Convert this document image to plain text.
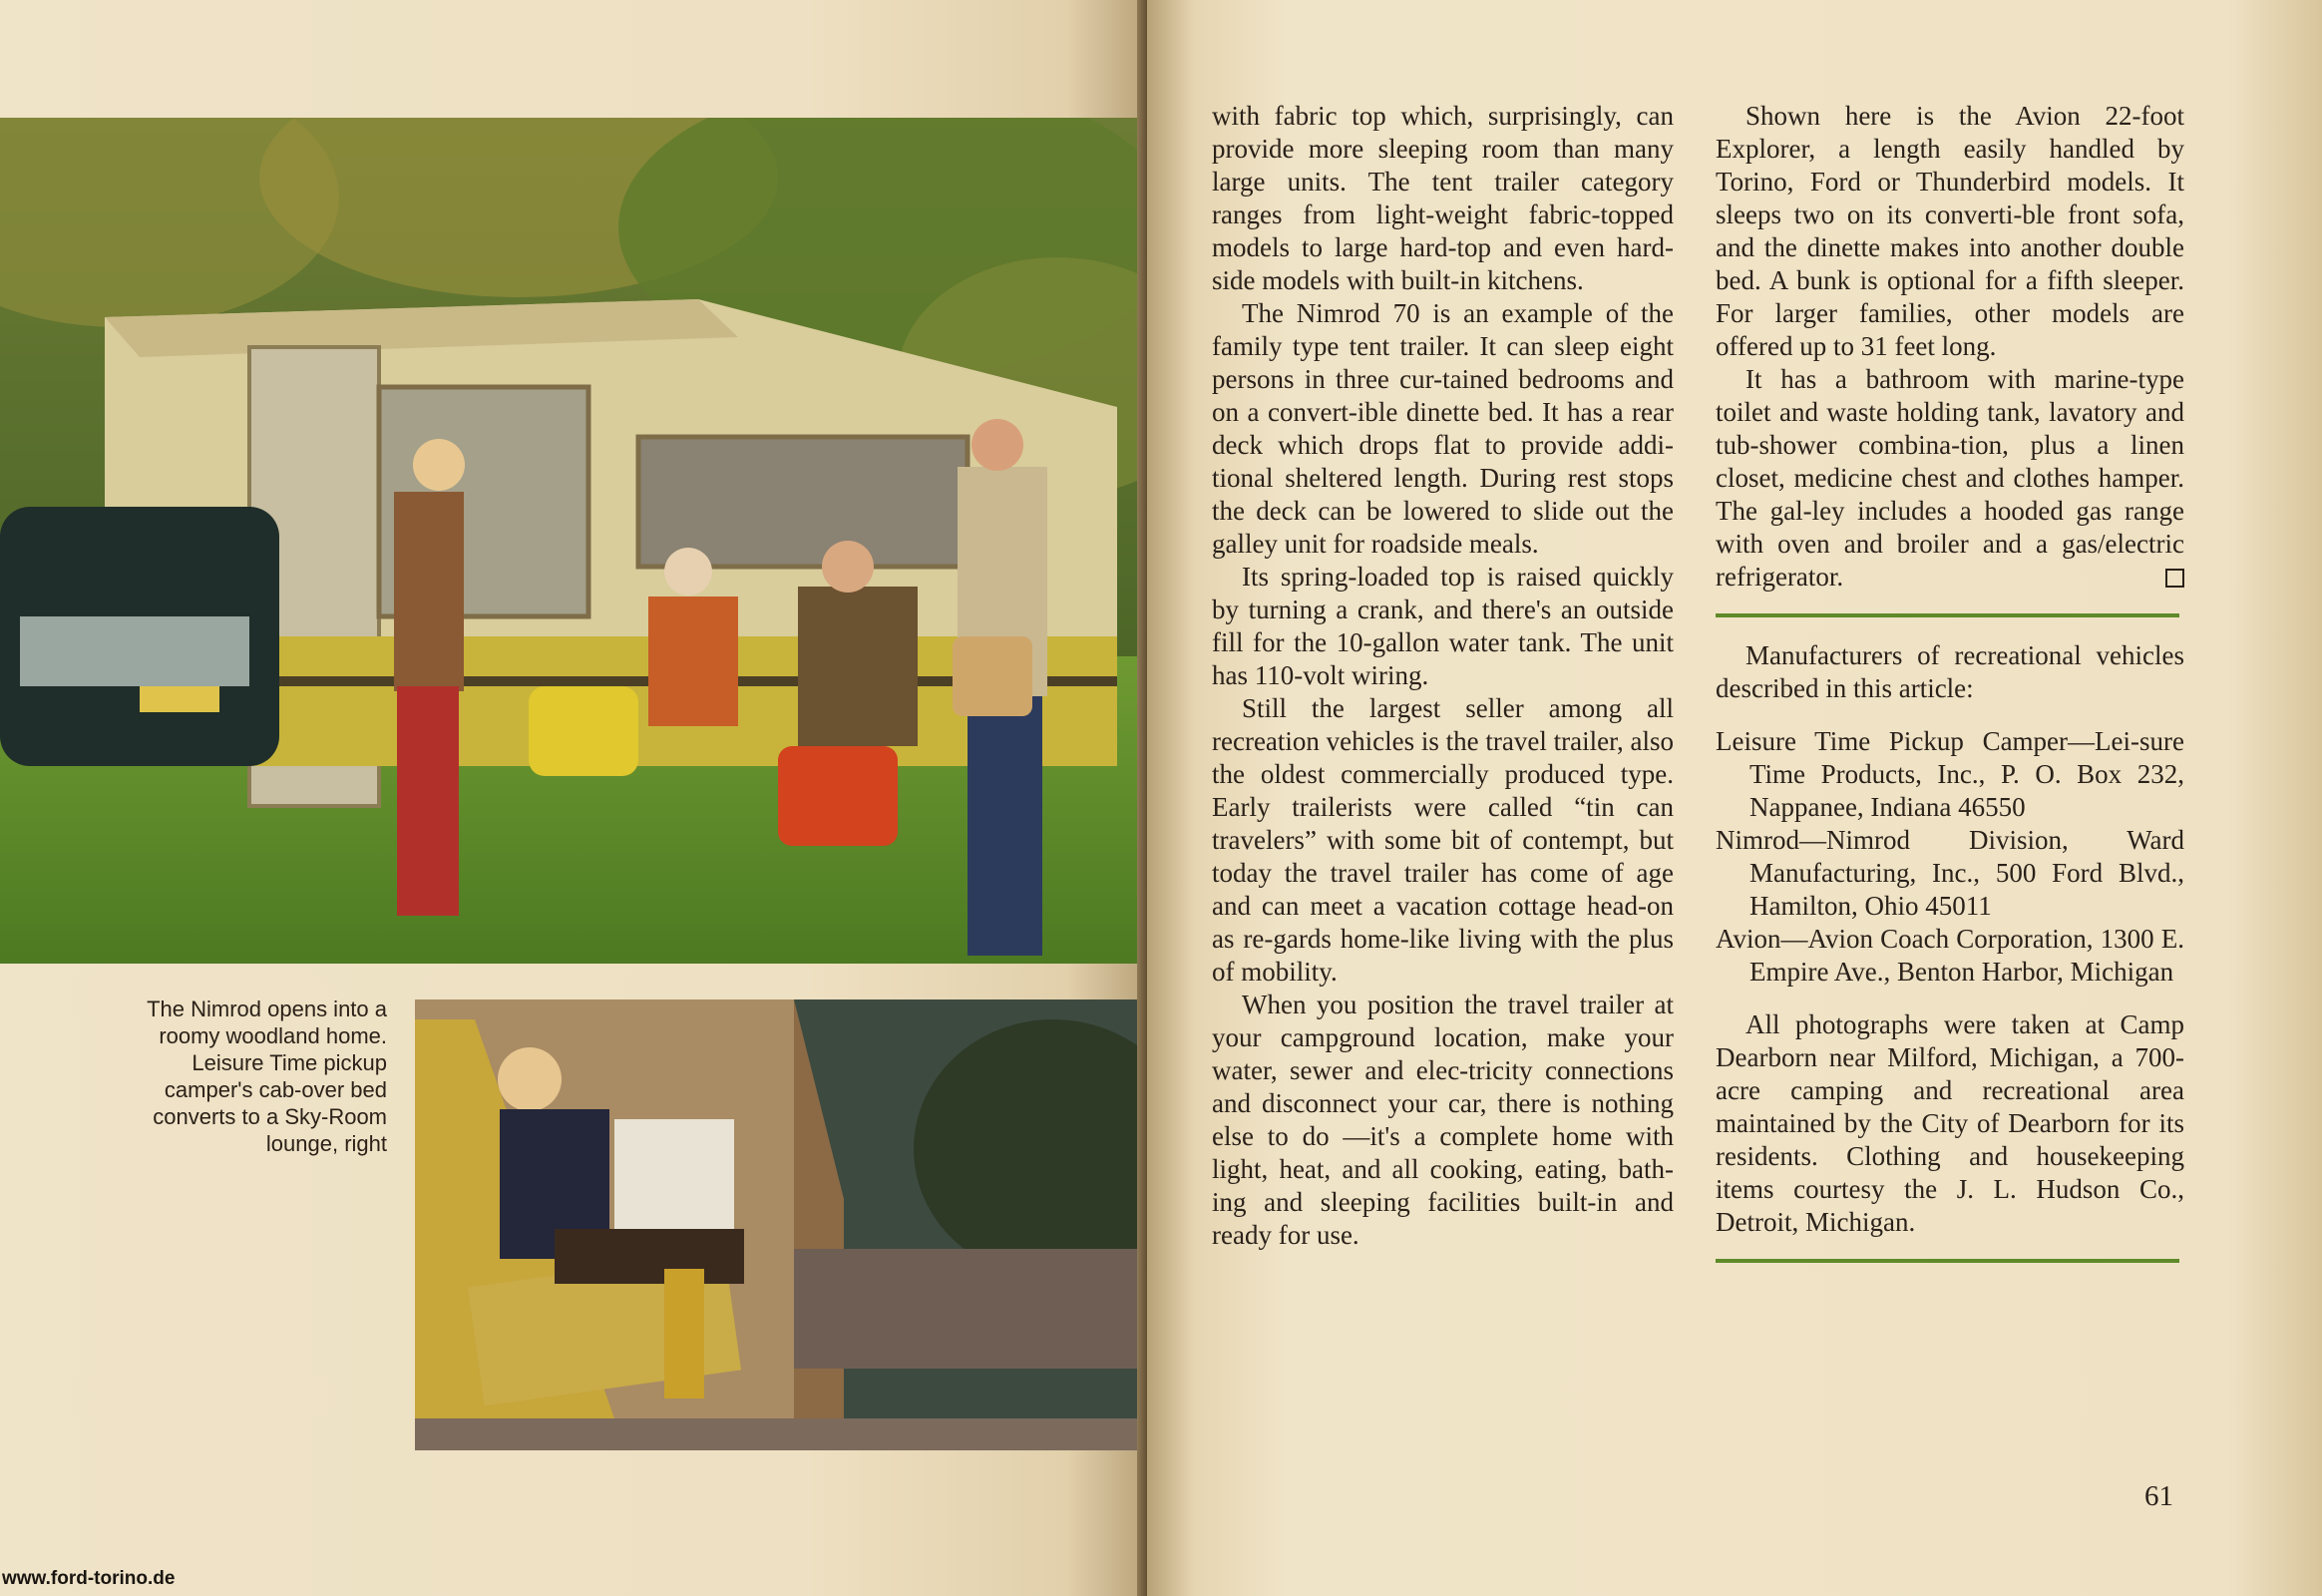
The Nimrod opens into a roomy woodland home. Leisure Time pickup camper's cab-over bed converts to a Sky-Room lounge, right

www.ford-torino.de

with fabric top which, surprisingly, can provide more sleeping room than many large units. The tent trailer category ranges from light-weight fabric-topped models to large hard-top and even hard-side models with built-in kitchens.

The Nimrod 70 is an example of the family type tent trailer. It can sleep eight persons in three cur-tained bedrooms and on a convert-ible dinette bed. It has a rear deck which drops flat to provide addi-tional sheltered length. During rest stops the deck can be lowered to slide out the galley unit for roadside meals.

Its spring-loaded top is raised quickly by turning a crank, and there's an outside fill for the 10-gallon water tank. The unit has 110-volt wiring.

Still the largest seller among all recreation vehicles is the travel trailer, also the oldest commercially produced type. Early trailerists were called “tin can travelers” with some bit of contempt, but today the travel trailer has come of age and can meet a vacation cottage head-on as re-gards home-like living with the plus of mobility.

When you position the travel trailer at your campground location, make your water, sewer and elec-tricity connections and disconnect your car, there is nothing else to do —it's a complete home with light, heat, and all cooking, eating, bath-ing and sleeping facilities built-in and ready for use.

Shown here is the Avion 22-foot Explorer, a length easily handled by Torino, Ford or Thunderbird models. It sleeps two on its converti-ble front sofa, and the dinette makes into another double bed. A bunk is optional for a fifth sleeper. For larger families, other models are offered up to 31 feet long.

It has a bathroom with marine-type toilet and waste holding tank, lavatory and tub-shower combina-tion, plus a linen closet, medicine chest and clothes hamper. The gal-ley includes a hooded gas range with oven and broiler and a gas/electric refrigerator.

Manufacturers of recreational vehicles described in this article:

Leisure Time Pickup Camper—Lei-sure Time Products, Inc., P. O. Box 232, Nappanee, Indiana 46550

Nimrod—Nimrod Division, Ward Manufacturing, Inc., 500 Ford Blvd., Hamilton, Ohio 45011

Avion—Avion Coach Corporation, 1300 E. Empire Ave., Benton Harbor, Michigan

All photographs were taken at Camp Dearborn near Milford, Michigan, a 700-acre camping and recreational area maintained by the City of Dearborn for its residents. Clothing and housekeeping items courtesy the J. L. Hudson Co., Detroit, Michigan.

61
